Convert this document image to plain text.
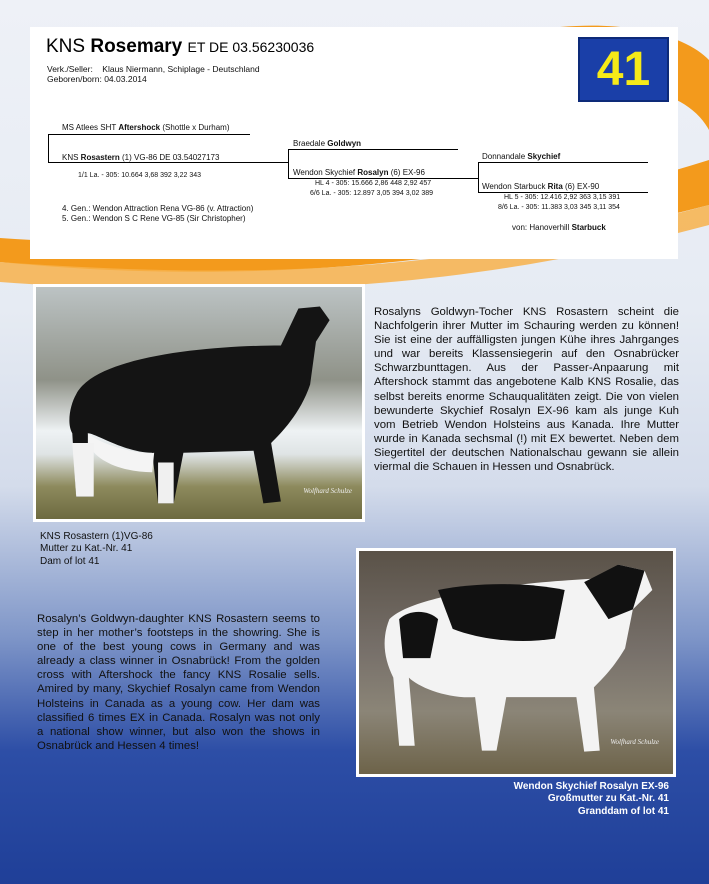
KNS Rosemary ET DE 03.56230036
Verk./Seller: Klaus Niermann, Schiplage - Deutschland
Geboren/born: 04.03.2014	41
MS Atlees SHT Aftershock (Shottle x Durham)
KNS Rosastern (1) VG-86 DE 03.54027173
1/1 La. - 305: 10.664 3,68 392 3,22 343
4. Gen.: Wendon Attraction Rena VG-86 (v. Attraction)
5. Gen.: Wendon S C Rene VG-85 (Sir Christopher)
Braedale Goldwyn
Wendon Skychief Rosalyn (6) EX-96
HL 4 - 305: 15.666 2,86 448 2,92 457
6/6 La. - 305: 12.897 3,05 394 3,02 389
Donnandale Skychief
Wendon Starbuck Rita (6) EX-90
HL 5 - 305: 12.416 2,92 363 3,15 391
8/6 La. - 305: 11.383 3,03 345 3,11 354
von: Hanoverhill Starbuck
Wolfhard Schulze
Rosalyns Goldwyn-Tocher KNS Rosastern scheint die Nachfolgerin ihrer Mutter im Schauring werden zu können! Sie ist eine der auffälligsten jungen Kühe ihres Jahrganges und war bereits Klassensiegerin auf den Osnabrücker Schwarzbunttagen. Aus der Passer-Anpaarung mit Aftershock stammt das angebotene Kalb KNS Rosalie, das selbst bereits enorme Schauqualitäten zeigt. Die von vielen bewunderte Skychief Rosalyn EX-96 kam als junge Kuh vom Betrieb Wendon Holsteins aus Kanada. Ihre Mutter wurde in Kanada sechsmal (!) mit EX bewertet. Neben dem Siegertitel der deutschen Nationalschau gewann sie allein viermal die Schauen in Hessen und Osnabrück.
KNS Rosastern (1)VG-86
Mutter zu Kat.-Nr. 41
Dam of lot 41
Rosalyn’s Goldwyn-daughter KNS Rosastern seems to step in her mother’s footsteps in the showring. She is one of the best young cows in Germany and was already a class winner in Osnabrück! From the golden cross with Aftershock the fancy KNS Rosalie sells. Amired by many, Skychief Rosalyn came from Wendon Holsteins in Canada as a young cow. Her dam was classified 6 times EX in Canada. Rosalyn was not only a national show winner, but also won the shows in Osnabrück and Hessen 4 times!	Wolfhard Schulze
Wendon Skychief Rosalyn EX-96
Großmutter zu Kat.-Nr. 41
Granddam of lot 41
